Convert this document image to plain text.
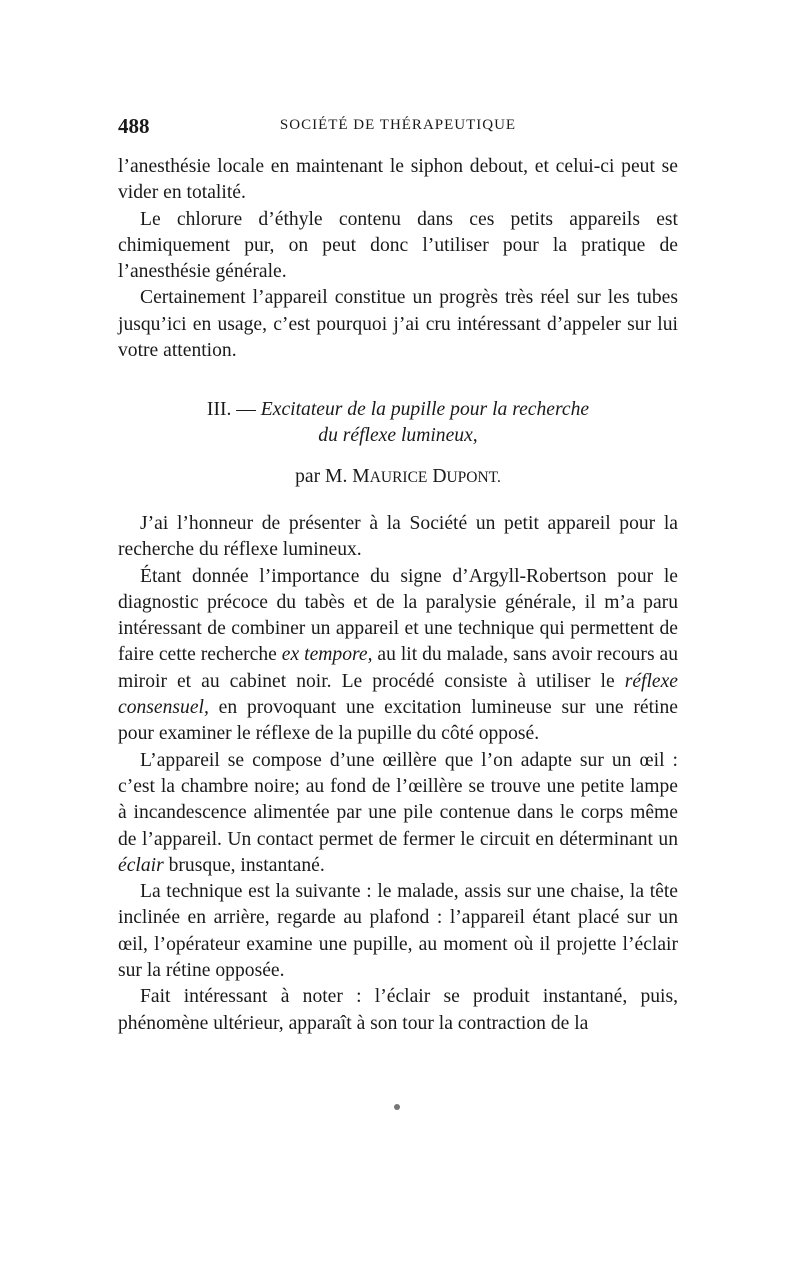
488	SOCIÉTÉ DE THÉRAPEUTIQUE

l’anesthésie locale en maintenant le siphon debout, et celui-ci peut se vider en totalité.

Le chlorure d’éthyle contenu dans ces petits appareils est chimiquement pur, on peut donc l’utiliser pour la pratique de l’anesthésie générale.

Certainement l’appareil constitue un progrès très réel sur les tubes jusqu’ici en usage, c’est pourquoi j’ai cru intéressant d’appeler sur lui votre attention.

III. — Excitateur de la pupille pour la recherche
du réflexe lumineux,
par M. MAURICE DUPONT.

J’ai l’honneur de présenter à la Société un petit appareil pour la recherche du réflexe lumineux.

Étant donnée l’importance du signe d’Argyll-Robertson pour le diagnostic précoce du tabès et de la paralysie générale, il m’a paru intéressant de combiner un appareil et une technique qui permettent de faire cette recherche ex tempore, au lit du malade, sans avoir recours au miroir et au cabinet noir. Le procédé consiste à utiliser le réflexe consensuel, en provoquant une excitation lumineuse sur une rétine pour examiner le réflexe de la pupille du côté opposé.

L’appareil se compose d’une œillère que l’on adapte sur un œil : c’est la chambre noire; au fond de l’œillère se trouve une petite lampe à incandescence alimentée par une pile contenue dans le corps même de l’appareil. Un contact permet de fermer le circuit en déterminant un éclair brusque, instantané.

La technique est la suivante : le malade, assis sur une chaise, la tête inclinée en arrière, regarde au plafond : l’appareil étant placé sur un œil, l’opérateur examine une pupille, au moment où il projette l’éclair sur la rétine opposée.

Fait intéressant à noter : l’éclair se produit instantané, puis, phénomène ultérieur, apparaît à son tour la contraction de la
